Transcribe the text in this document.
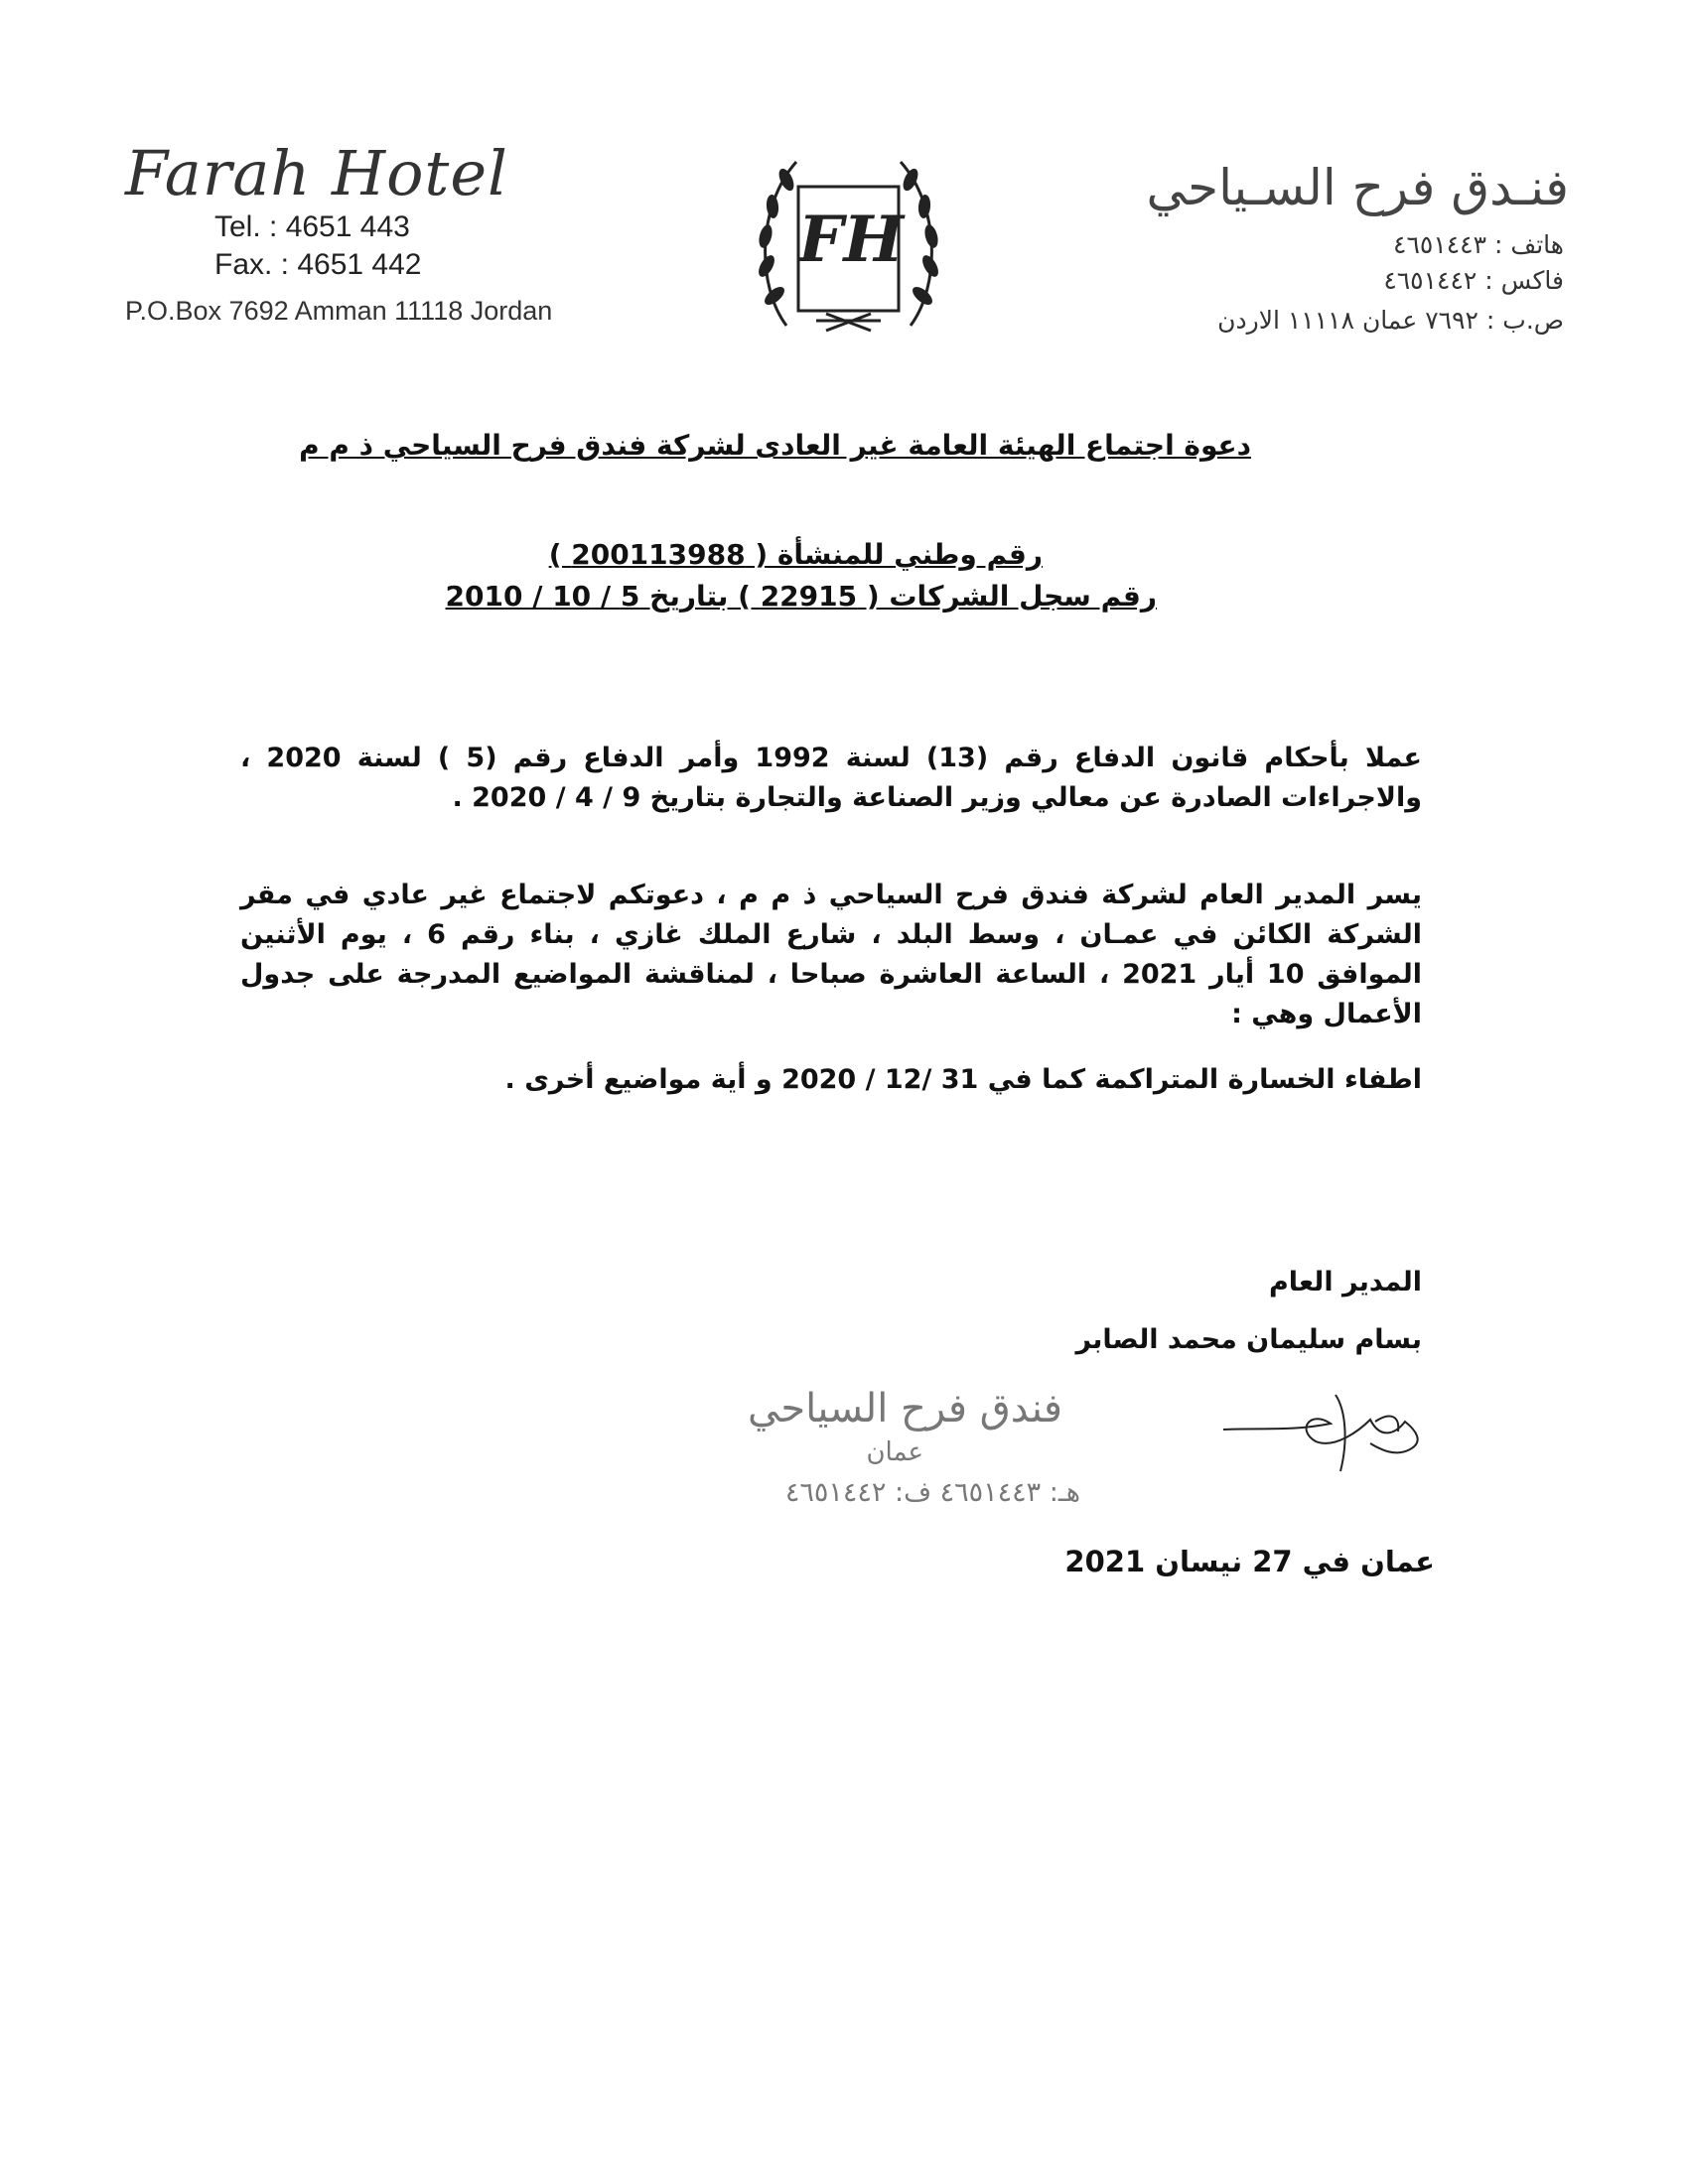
Farah Hotel
Tel. : 4651 443
Fax. : 4651 442
P.O.Box 7692 Amman 11118 Jordan
FH
فنـدق فرح السـياحي
هاتف : ٤٦٥١٤٤٣
فاكس : ٤٦٥١٤٤٢
ص.ب : ٧٦٩٢ عمان ١١١١٨ الاردن
دعوة اجتماع الهيئة العامة غير العادى لشركة فندق فرح السياحي ذ م م
رقم وطني للمنشأة ( 200113988 )
رقم سجل الشركات ( 22915 ) بتاريخ 5 / 10 / 2010
عملا بأحكام قانون الدفاع رقم (13) لسنة 1992 وأمر الدفاع رقم (5 ) لسنة 2020 ، والاجراءات الصادرة عن معالي وزير الصناعة والتجارة بتاريخ 9 / 4 / 2020 .
يسر المدير العام لشركة فندق فرح السياحي ذ م م ، دعوتكم لاجتماع غير عادي في مقر الشركة الكائن في عمـان ، وسط البلد ، شارع الملك غازي ، بناء رقم 6 ، يوم الأثنين الموافق 10 أيار 2021 ، الساعة العاشرة صباحا ، لمناقشة المواضيع المدرجة على جدول الأعمال وهي :
اطفاء الخسارة المتراكمة كما في 31 /12 / 2020 و أية مواضيع أخرى .
المدير العام
بسام سليمان محمد الصابر
فندق فرح السياحي
عمان
هـ: ٤٦٥١٤٤٣ ف: ٤٦٥١٤٤٢
عمان في 27 نيسان 2021
